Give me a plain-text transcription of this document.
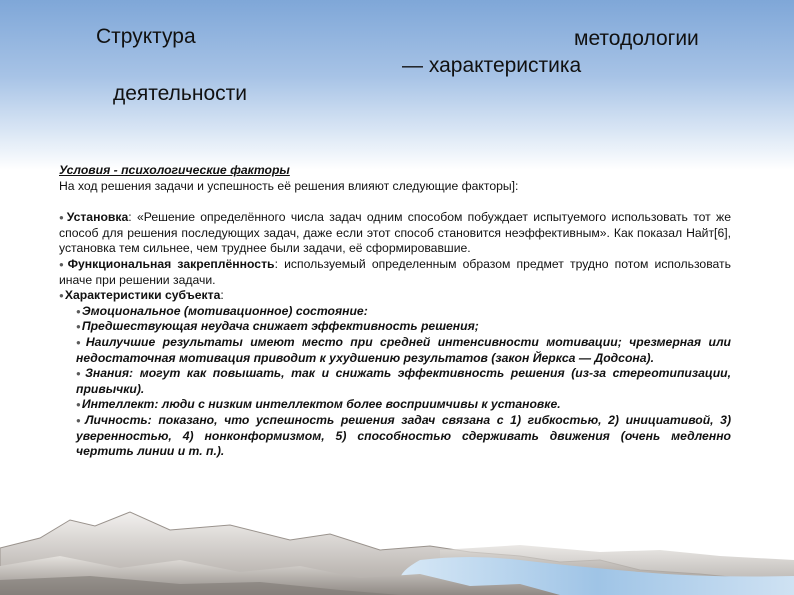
Структура	методологии
— характеристика
деятельности

Условия - психологические факторы

На ход решения задачи и успешность её решения влияют следующие факторы]:

●Установка: «Решение определённого числа задач одним способом побуждает испытуемого использовать тот же способ для решения последующих задач, даже если этот способ становится неэффективным». Как показал Найт[6], установка тем сильнее, чем труднее были задачи, её сформировавшие.

●Функциональная закреплённость: используемый определенным образом предмет трудно потом использовать иначе при решении задачи.

●Характеристики субъекта:

●Эмоциональное (мотивационное) состояние:

●Предшествующая неудача снижает эффективность решения;

●Наилучшие результаты имеют место при средней интенсивности мотивации; чрезмерная или недостаточная мотивация приводит к ухудшению результатов (закон Йеркса — Додсона).

●Знания: могут как повышать, так и снижать эффективность решения (из-за стереотипизации, привычки).

●Интеллект: люди с низким интеллектом более восприимчивы к установке.

●Личность: показано, что успешность решения задач связана с 1) гибкостью, 2) инициативой, 3) уверенностью, 4) нонконформизмом, 5) способностью сдерживать движения (очень медленно чертить линии и т. п.).
